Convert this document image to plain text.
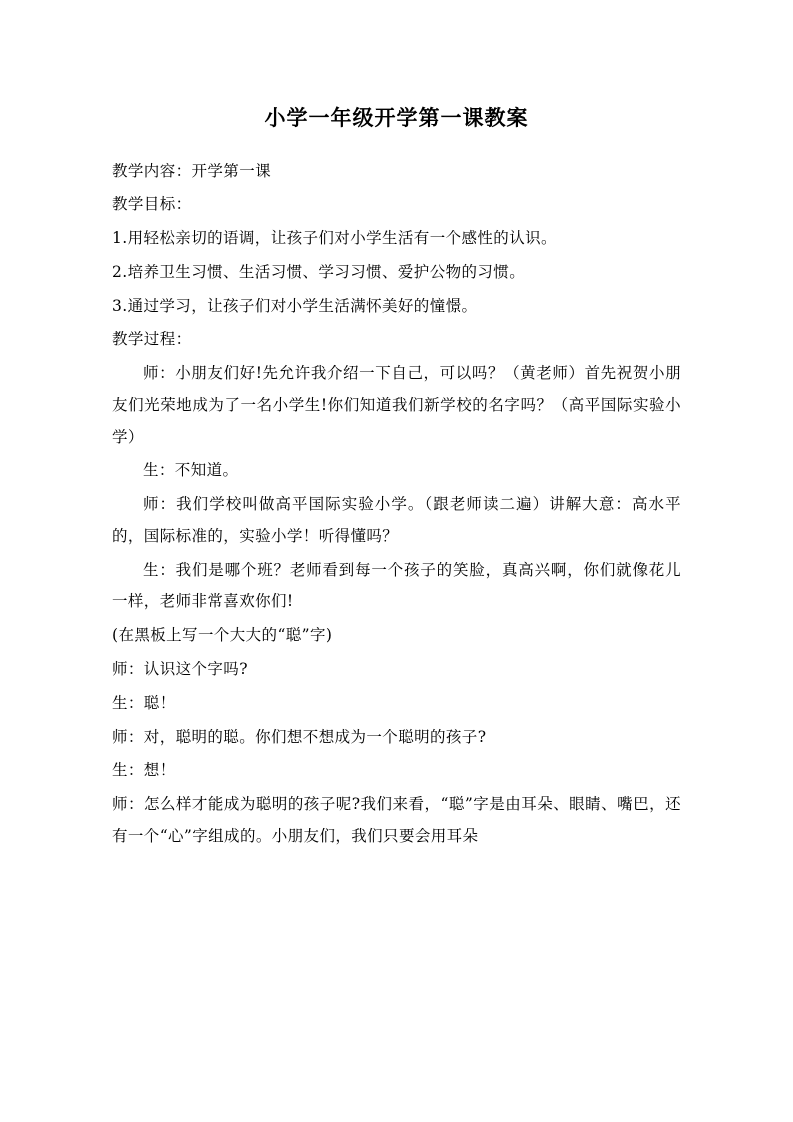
小学一年级开学第一课教案

教学内容：开学第一课

教学目标：

1.用轻松亲切的语调，让孩子们对小学生活有一个感性的认识。

2.培养卫生习惯、生活习惯、学习习惯、爱护公物的习惯。

3.通过学习，让孩子们对小学生活满怀美好的憧憬。

教学过程：

师：小朋友们好!先允许我介绍一下自己，可以吗？（黄老师）首先祝贺小朋友们光荣地成为了一名小学生!你们知道我们新学校的名字吗？（高平国际实验小学）

生：不知道。

师：我们学校叫做高平国际实验小学。（跟老师读二遍）讲解大意：高水平的，国际标准的，实验小学！听得懂吗？

生：我们是哪个班？老师看到每一个孩子的笑脸，真高兴啊，你们就像花儿一样，老师非常喜欢你们!

(在黑板上写一个大大的“聪”字)

师：认识这个字吗?

生：聪！

师：对，聪明的聪。你们想不想成为一个聪明的孩子?

生：想！

师：怎么样才能成为聪明的孩子呢?我们来看，“聪”字是由耳朵、眼睛、嘴巴，还有一个“心”字组成的。小朋友们，我们只要会用耳朵
